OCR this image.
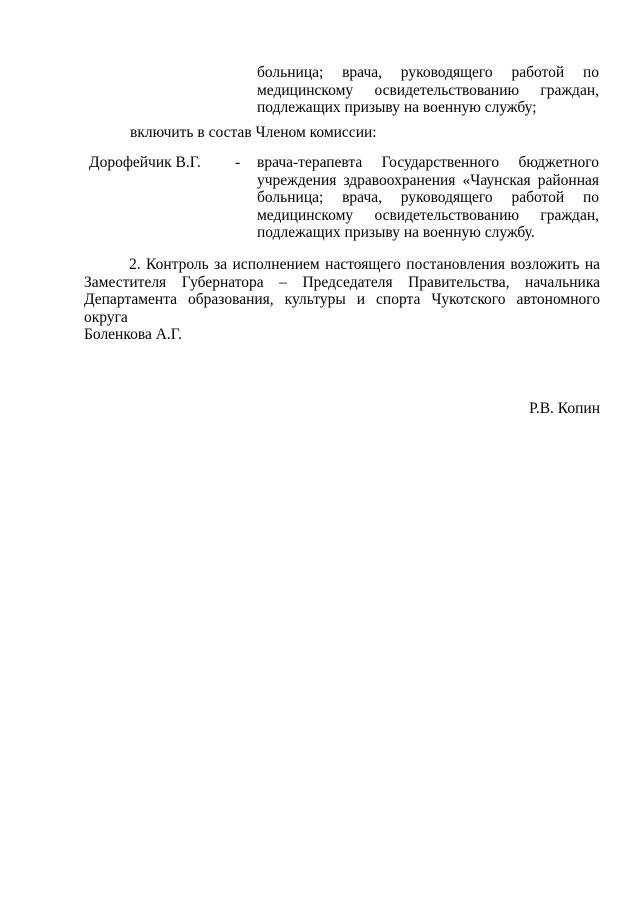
больница; врача, руководящего работой по
медицинскому освидетельствованию граждан,
подлежащих призыву на военную службу;
включить в состав Членом комиссии:
Дорофейчик В.Г. - врача-терапевта Государственного бюджетного
учреждения здравоохранения «Чаунская районная
больница; врача, руководящего работой по
медицинскому освидетельствованию граждан,
подлежащих призыву на военную службу.
2. Контроль за исполнением настоящего постановления возложить на
Заместителя Губернатора – Председателя Правительства, начальника
Департамента образования, культуры и спорта Чукотского автономного округа
Боленкова А.Г.
Р.В. Копин
